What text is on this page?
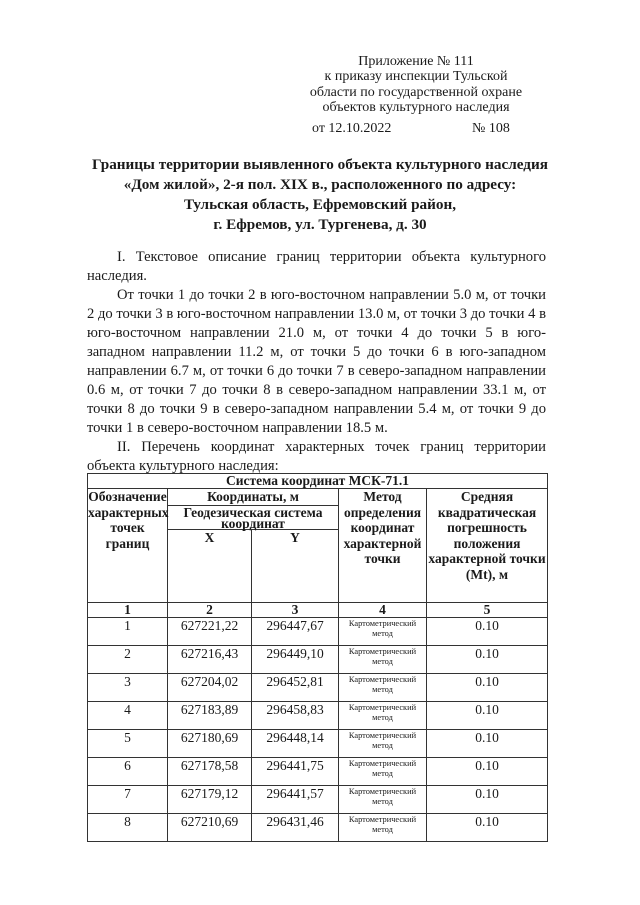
Приложение № 111
к приказу инспекции Тульской
области по государственной охране
объектов культурного наследия
от 12.10.2022	№ 108
Границы территории выявленного объекта культурного наследия
«Дом жилой», 2-я пол. XIX в., расположенного по адресу:
Тульская область, Ефремовский район,
г. Ефремов, ул. Тургенева, д. 30
I. Текстовое описание границ территории объекта культурного наследия.
От точки 1 до точки 2 в юго-восточном направлении 5.0 м, от точки 2 до точки 3 в юго-восточном направлении 13.0 м, от точки 3 до точки 4 в юго-восточном направлении 21.0 м, от точки 4 до точки 5 в юго-западном направлении 11.2 м, от точки 5 до точки 6 в юго-западном направлении 6.7 м, от точки 6 до точки 7 в северо-западном направлении 0.6 м, от точки 7 до точки 8 в северо-западном направлении 33.1 м, от точки 8 до точки 9 в северо-западном направлении 5.4 м, от точки 9 до точки 1 в северо-восточном направлении 18.5 м.
II. Перечень координат характерных точек границ территории объекта культурного наследия:
Система координат МСК-71.1				
Обозначение характерных точек границ	Координаты, м		Метод определения координат характерной точки	Средняя квадратическая погрешность положения характерной точки (Mt), м
	Геодезическая система координат			
	X	Y		
1	2	3	4	5
1	627221,22	296447,67	Картометрический метод	0.10
2	627216,43	296449,10	Картометрический метод	0.10
3	627204,02	296452,81	Картометрический метод	0.10
4	627183,89	296458,83	Картометрический метод	0.10
5	627180,69	296448,14	Картометрический метод	0.10
6	627178,58	296441,75	Картометрический метод	0.10
7	627179,12	296441,57	Картометрический метод	0.10
8	627210,69	296431,46	Картометрический метод	0.10
